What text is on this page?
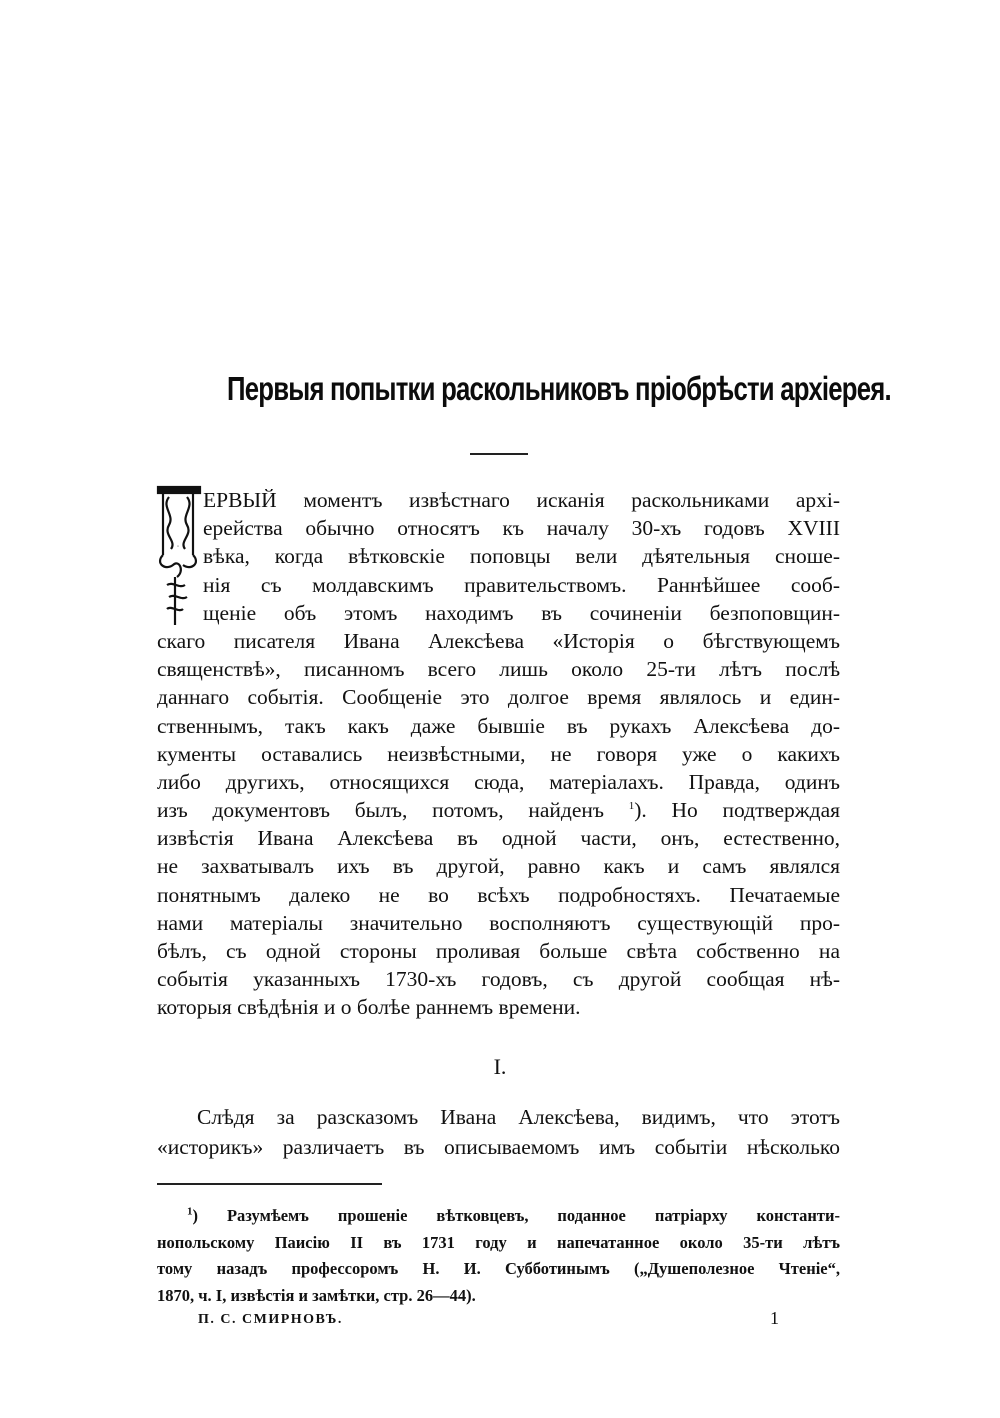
Первыя попытки раскольниковъ пріобрѣсти архіерея.
П
ЕРВЫЙ моментъ извѣстнаго исканія раскольниками архі-
ерейства обычно относятъ къ началу 30-хъ годовъ XVIII
вѣка, когда вѣтковскіе поповцы вели дѣятельныя сноше-
нія съ молдавскимъ правительствомъ. Раннѣйшее сооб-
щеніе объ этомъ находимъ въ сочиненіи безпоповщин-
скаго писателя Ивана Алексѣева «Исторія о бѣгствующемъ
священствѣ», писанномъ всего лишь около 25-ти лѣтъ послѣ
даннаго событія. Сообщеніе это долгое время являлось и един-
ственнымъ, такъ какъ даже бывшіе въ рукахъ Алексѣева до-
кументы оставались неизвѣстными, не говоря уже о какихъ
либо другихъ, относящихся сюда, матеріалахъ. Правда, одинъ
изъ документовъ былъ, потомъ, найденъ $^1$). Но подтверждая
извѣстія Ивана Алексѣева въ одной части, онъ, естественно,
не захватывалъ ихъ въ другой, равно какъ и самъ являлся
понятнымъ далеко не во всѣхъ подробностяхъ. Печатаемые
нами матеріалы значительно восполняютъ существующій про-
бѣлъ, съ одной стороны проливая больше свѣта собственно на
событія указанныхъ 1730-хъ годовъ, съ другой сообщая нѣ-
которыя свѣдѣнія и о болѣе раннемъ времени.
I.
Слѣдя за разсказомъ Ивана Алексѣева, видимъ, что этотъ
«историкъ» различаетъ въ описываемомъ имъ событіи нѣсколько
$^1$) Разумѣемъ прошеніе вѣтковцевъ, поданное патріарху константи-
нопольскому Паисію II въ 1731 году и напечатанное около 35-ти лѣтъ
тому назадъ профессоромъ Н. И. Субботинымъ („Душеполезное Чтеніе“,
1870, ч. I, извѣстія и замѣтки, стр. 26—44).
П. С. СМИРНОВЪ.	1
